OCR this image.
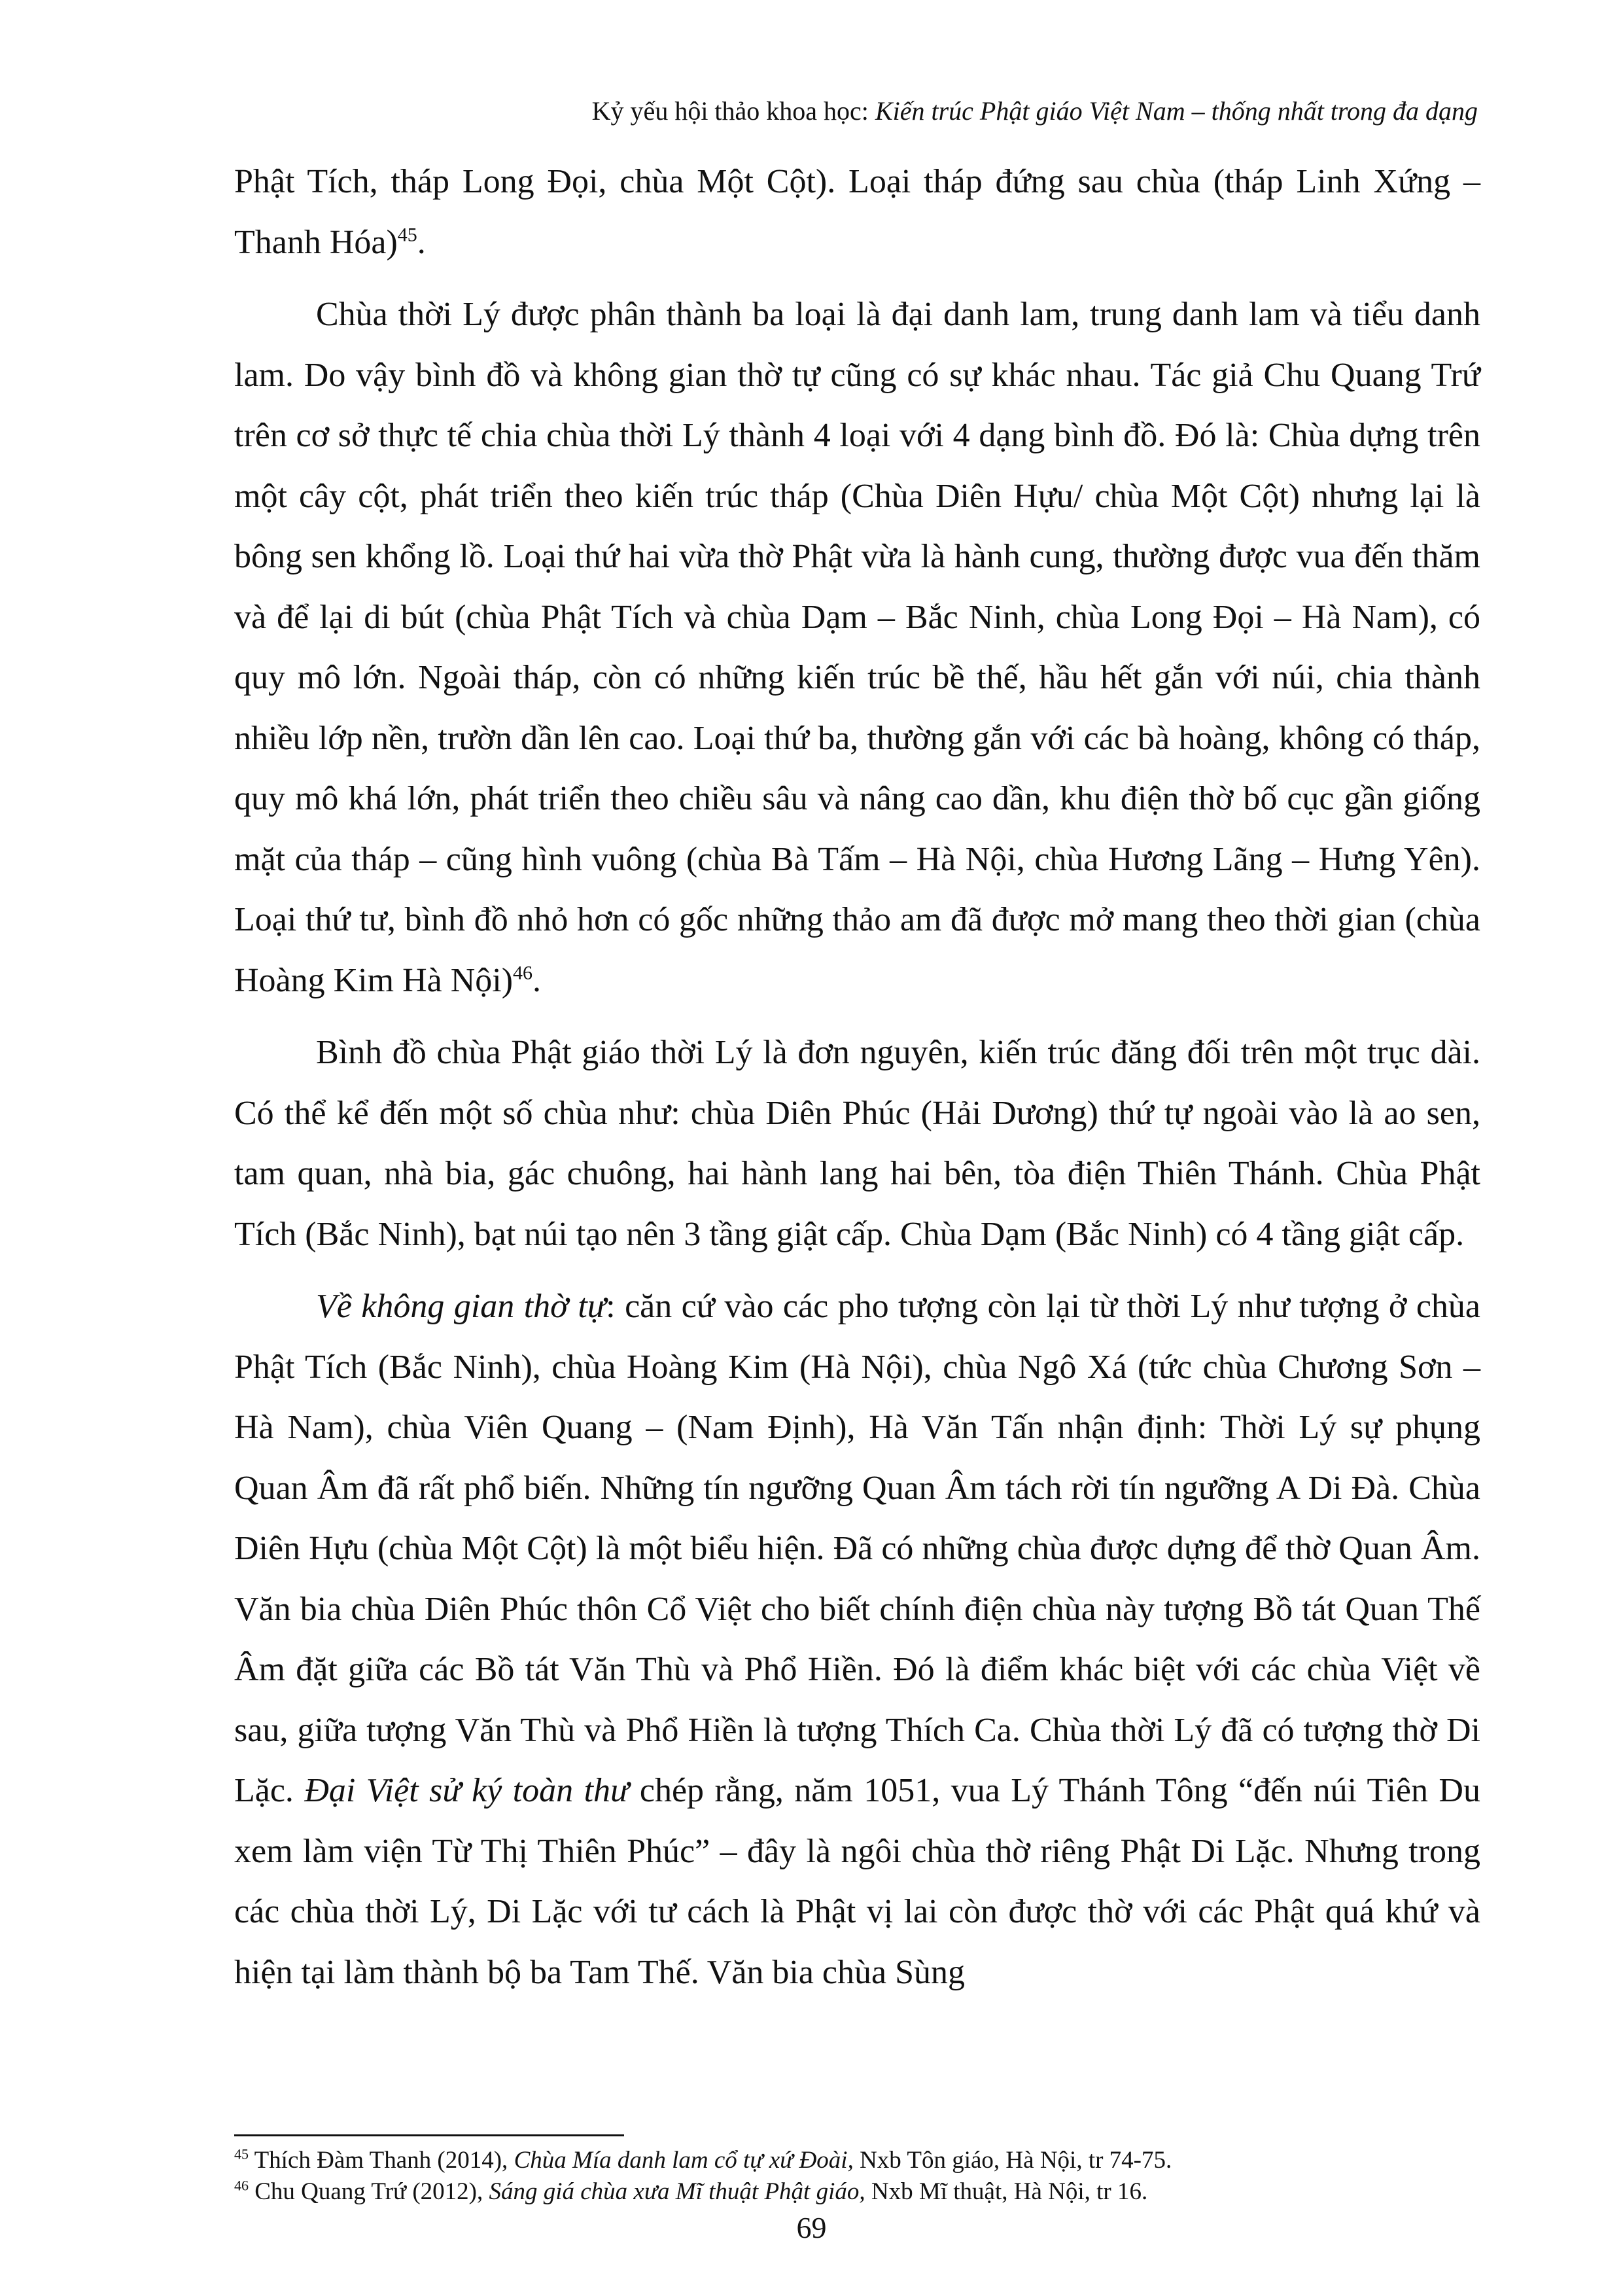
Kỷ yếu hội thảo khoa học: Kiến trúc Phật giáo Việt Nam – thống nhất trong đa dạng

Phật Tích, tháp Long Đọi, chùa Một Cột). Loại tháp đứng sau chùa (tháp Linh Xứng – Thanh Hóa)$^{45}$.

Chùa thời Lý được phân thành ba loại là đại danh lam, trung danh lam và tiểu danh lam. Do vậy bình đồ và không gian thờ tự cũng có sự khác nhau. Tác giả Chu Quang Trứ trên cơ sở thực tế chia chùa thời Lý thành 4 loại với 4 dạng bình đồ. Đó là: Chùa dựng trên một cây cột, phát triển theo kiến trúc tháp (Chùa Diên Hựu/ chùa Một Cột) nhưng lại là bông sen khổng lồ. Loại thứ hai vừa thờ Phật vừa là hành cung, thường được vua đến thăm và để lại di bút (chùa Phật Tích và chùa Dạm – Bắc Ninh, chùa Long Đọi – Hà Nam), có quy mô lớn. Ngoài tháp, còn có những kiến trúc bề thế, hầu hết gắn với núi, chia thành nhiều lớp nền, trườn dần lên cao. Loại thứ ba, thường gắn với các bà hoàng, không có tháp, quy mô khá lớn, phát triển theo chiều sâu và nâng cao dần, khu điện thờ bố cục gần giống mặt của tháp – cũng hình vuông (chùa Bà Tấm – Hà Nội, chùa Hương Lãng – Hưng Yên). Loại thứ tư, bình đồ nhỏ hơn có gốc những thảo am đã được mở mang theo thời gian (chùa Hoàng Kim Hà Nội)$^{46}$.

Bình đồ chùa Phật giáo thời Lý là đơn nguyên, kiến trúc đăng đối trên một trục dài. Có thể kể đến một số chùa như: chùa Diên Phúc (Hải Dương) thứ tự ngoài vào là ao sen, tam quan, nhà bia, gác chuông, hai hành lang hai bên, tòa điện Thiên Thánh. Chùa Phật Tích (Bắc Ninh), bạt núi tạo nên 3 tầng giật cấp. Chùa Dạm (Bắc Ninh) có 4 tầng giật cấp.

Về không gian thờ tự: căn cứ vào các pho tượng còn lại từ thời Lý như tượng ở chùa Phật Tích (Bắc Ninh), chùa Hoàng Kim (Hà Nội), chùa Ngô Xá (tức chùa Chương Sơn – Hà Nam), chùa Viên Quang – (Nam Định), Hà Văn Tấn nhận định: Thời Lý sự phụng Quan Âm đã rất phổ biến. Những tín ngưỡng Quan Âm tách rời tín ngưỡng A Di Đà. Chùa Diên Hựu (chùa Một Cột) là một biểu hiện. Đã có những chùa được dựng để thờ Quan Âm. Văn bia chùa Diên Phúc thôn Cổ Việt cho biết chính điện chùa này tượng Bồ tát Quan Thế Âm đặt giữa các Bồ tát Văn Thù và Phổ Hiền. Đó là điểm khác biệt với các chùa Việt về sau, giữa tượng Văn Thù và Phổ Hiền là tượng Thích Ca. Chùa thời Lý đã có tượng thờ Di Lặc. Đại Việt sử ký toàn thư chép rằng, năm 1051, vua Lý Thánh Tông “đến núi Tiên Du xem làm viện Từ Thị Thiên Phúc” – đây là ngôi chùa thờ riêng Phật Di Lặc. Nhưng trong các chùa thời Lý, Di Lặc với tư cách là Phật vị lai còn được thờ với các Phật quá khứ và hiện tại làm thành bộ ba Tam Thế. Văn bia chùa Sùng

$^{45}$ Thích Đàm Thanh (2014), Chùa Mía danh lam cổ tự xứ Đoài, Nxb Tôn giáo, Hà Nội, tr 74-75.

$^{46}$ Chu Quang Trứ (2012), Sáng giá chùa xưa Mĩ thuật Phật giáo, Nxb Mĩ thuật, Hà Nội, tr 16.

69
